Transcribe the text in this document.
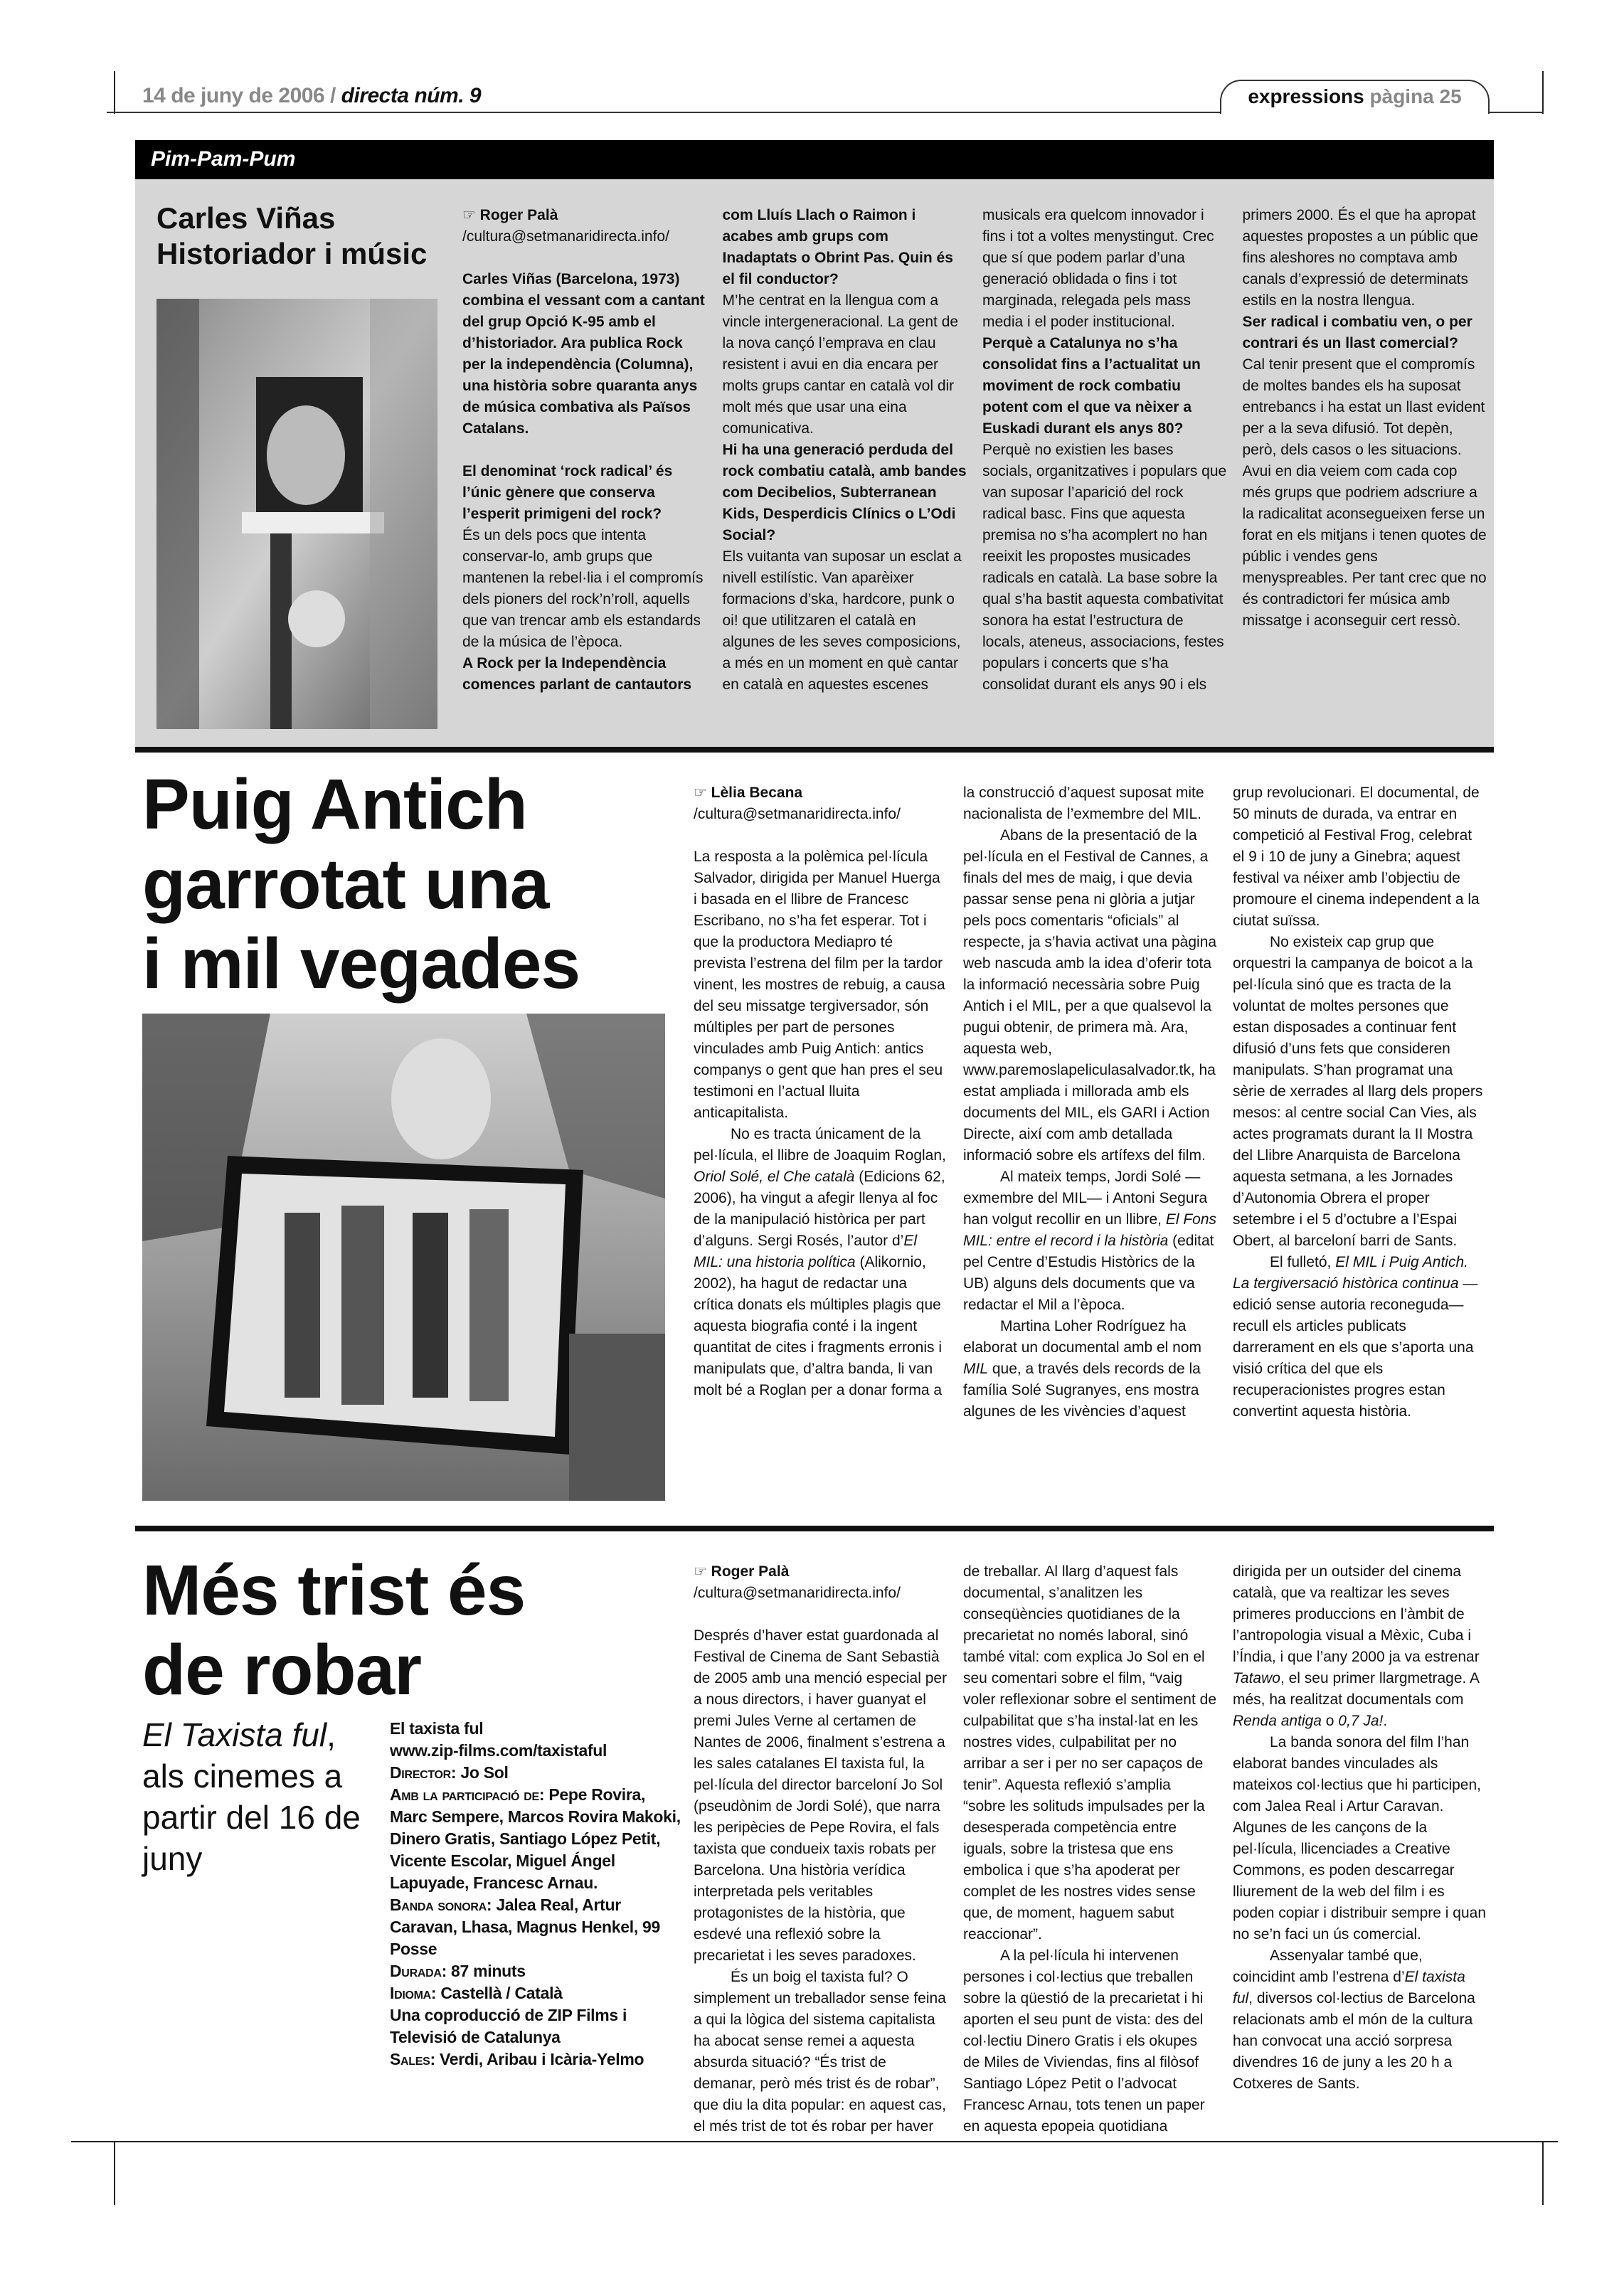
14 de juny de 2006 / directa núm. 9	expressions pàgina 25
Pim-Pam-Pum
Carles Viñas
Historiador i músic

☞ Roger Palà

/cultura@setmanaridirecta.info/

Carles Viñas (Barcelona, 1973) combina el vessant com a cantant del grup Opció K-95 amb el d’historiador. Ara publica Rock per la independència (Columna), una història sobre quaranta anys de música combativa als Països Catalans.

El denominat ‘rock radical’ és l’únic gènere que conserva l’esperit primigeni del rock?

És un dels pocs que intenta conservar-lo, amb grups que mantenen la rebel·lia i el compromís dels pioners del rock’n’roll, aquells que van trencar amb els estandards de la música de l’època.

A Rock per la Independència comences parlant de cantautors com Lluís Llach o Raimon i acabes amb grups com Inadaptats o Obrint Pas. Quin és el fil conductor?

M’he centrat en la llengua com a vincle intergeneracional. La gent de la nova cançó l’emprava en clau resistent i avui en dia encara per molts grups cantar en català vol dir molt més que usar una eina comunicativa.

Hi ha una generació perduda del rock combatiu català, amb bandes com Decibelios, Subterranean Kids, Desperdicis Clínics o L’Odi Social?

Els vuitanta van suposar un esclat a nivell estilístic. Van aparèixer formacions d’ska, hardcore, punk o oi! que utilitzaren el català en algunes de les seves composicions, a més en un moment en què cantar en català en aquestes escenes musicals era quelcom innovador i fins i tot a voltes menystingut. Crec que sí que podem parlar d’una generació oblidada o fins i tot marginada, relegada pels mass media i el poder institucional.

Perquè a Catalunya no s’ha consolidat fins a l’actualitat un moviment de rock combatiu potent com el que va nèixer a Euskadi durant els anys 80?

Perquè no existien les bases socials, organitzatives i populars que van suposar l’aparició del rock radical basc. Fins que aquesta premisa no s’ha acomplert no han reeixit les propostes musicades radicals en català. La base sobre la qual s’ha bastit aquesta combativitat sonora ha estat l’estructura de locals, ateneus, associacions, festes populars i concerts que s’ha consolidat durant els anys 90 i els primers 2000. És el que ha apropat aquestes propostes a un públic que fins aleshores no comptava amb canals d’expressió de determinats estils en la nostra llengua.

Ser radical i combatiu ven, o per contrari és un llast comercial?

Cal tenir present que el compromís de moltes bandes els ha suposat entrebancs i ha estat un llast evident per a la seva difusió. Tot depèn, però, dels casos o les situacions. Avui en dia veiem com cada cop més grups que podriem adscriure a la radicalitat aconsegueixen ferse un forat en els mitjans i tenen quotes de públic i vendes gens menyspreables. Per tant crec que no és contradictori fer música amb missatge i aconseguir cert ressò.

Puig Antich
garrotat una
i mil vegades

☞ Lèlia Becana

/cultura@setmanaridirecta.info/

La resposta a la polèmica pel·lícula Salvador, dirigida per Manuel Huerga i basada en el llibre de Francesc Escribano, no s’ha fet esperar. Tot i que la productora Mediapro té prevista l’estrena del film per la tardor vinent, les mostres de rebuig, a causa del seu missatge tergiversador, són múltiples per part de persones vinculades amb Puig Antich: antics companys o gent que han pres el seu testimoni en l’actual lluita anticapitalista.

No es tracta únicament de la pel·lícula, el llibre de Joaquim Roglan, Oriol Solé, el Che català (Edicions 62, 2006), ha vingut a afegir llenya al foc de la manipulació històrica per part d’alguns. Sergi Rosés, l’autor d’El MIL: una historia política (Alikornio, 2002), ha hagut de redactar una crítica donats els múltiples plagis que aquesta biografia conté i la ingent quantitat de cites i fragments erronis i manipulats que, d’altra banda, li van molt bé a Roglan per a donar forma a la construcció d’aquest suposat mite nacionalista de l’exmembre del MIL.

Abans de la presentació de la pel·lícula en el Festival de Cannes, a finals del mes de maig, i que devia passar sense pena ni glòria a jutjar pels pocs comentaris “oficials” al respecte, ja s’havia activat una pàgina web nascuda amb la idea d’oferir tota la informació necessària sobre Puig Antich i el MIL, per a que qualsevol la pugui obtenir, de primera mà. Ara, aquesta web, www.paremoslapeliculasalvador.tk, ha estat ampliada i millorada amb els documents del MIL, els GARI i Action Directe, així com amb detallada informació sobre els artífexs del film.

Al mateix temps, Jordi Solé —exmembre del MIL— i Antoni Segura han volgut recollir en un llibre, El Fons MIL: entre el record i la història (editat pel Centre d’Estudis Històrics de la UB) alguns dels documents que va redactar el Mil a l’època.

Martina Loher Rodríguez ha elaborat un documental amb el nom MIL que, a través dels records de la família Solé Sugranyes, ens mostra algunes de les vivències d’aquest grup revolucionari. El documental, de 50 minuts de durada, va entrar en competició al Festival Frog, celebrat el 9 i 10 de juny a Ginebra; aquest festival va néixer amb l’objectiu de promoure el cinema independent a la ciutat suïssa.

No existeix cap grup que orquestri la campanya de boicot a la pel·lícula sinó que es tracta de la voluntat de moltes persones que estan disposades a continuar fent difusió d’uns fets que consideren manipulats. S’han programat una sèrie de xerrades al llarg dels propers mesos: al centre social Can Vies, als actes programats durant la II Mostra del Llibre Anarquista de Barcelona aquesta setmana, a les Jornades d’Autonomia Obrera el proper setembre i el 5 d’octubre a l’Espai Obert, al barceloní barri de Sants.

El fulletó, El MIL i Puig Antich. La tergiversació històrica continua —edició sense autoria reconeguda— recull els articles publicats darrerament en els que s’aporta una visió crítica del que els recuperacionistes progres estan convertint aquesta història.

Més trist és
de robar
El Taxista ful, als cinemes a partir del 16 de juny
El taxista ful
www.zip-films.com/taxistaful
Director: Jo Sol
Amb la participació de: Pepe Rovira, Marc Sempere, Marcos Rovira Makoki, Dinero Gratis, Santiago López Petit, Vicente Escolar, Miguel Ángel Lapuyade, Francesc Arnau.
Banda sonora: Jalea Real, Artur Caravan, Lhasa, Magnus Henkel, 99 Posse
Durada: 87 minuts
Idioma: Castellà / Català
Una coproducció de ZIP Films i Televisió de Catalunya
Sales: Verdi, Aribau i Icària-Yelmo

☞ Roger Palà

/cultura@setmanaridirecta.info/

Després d’haver estat guardonada al Festival de Cinema de Sant Sebastià de 2005 amb una menció especial per a nous directors, i haver guanyat el premi Jules Verne al certamen de Nantes de 2006, finalment s’estrena a les sales catalanes El taxista ful, la pel·lícula del director barceloní Jo Sol (pseudònim de Jordi Solé), que narra les peripècies de Pepe Rovira, el fals taxista que condueix taxis robats per Barcelona. Una història verídica interpretada pels veritables protagonistes de la història, que esdevé una reflexió sobre la precarietat i les seves paradoxes.

És un boig el taxista ful? O simplement un treballador sense feina a qui la lògica del sistema capitalista ha abocat sense remei a aquesta absurda situació? “És trist de demanar, però més trist és de robar”, que diu la dita popular: en aquest cas, el més trist de tot és robar per haver de treballar. Al llarg d’aquest fals documental, s’analitzen les conseqüències quotidianes de la precarietat no només laboral, sinó també vital: com explica Jo Sol en el seu comentari sobre el film, “vaig voler reflexionar sobre el sentiment de culpabilitat que s’ha instal·lat en les nostres vides, culpabilitat per no arribar a ser i per no ser capaços de tenir”. Aquesta reflexió s’amplia “sobre les solituds impulsades per la desesperada competència entre iguals, sobre la tristesa que ens embolica i que s’ha apoderat per complet de les nostres vides sense que, de moment, haguem sabut reaccionar”.

A la pel·lícula hi intervenen persones i col·lectius que treballen sobre la qüestió de la precarietat i hi aporten el seu punt de vista: des del col·lectiu Dinero Gratis i els okupes de Miles de Viviendas, fins al filòsof Santiago López Petit o l’advocat Francesc Arnau, tots tenen un paper en aquesta epopeia quotidiana dirigida per un outsider del cinema català, que va realtizar les seves primeres produccions en l’àmbit de l’antropologia visual a Mèxic, Cuba i l’Índia, i que l’any 2000 ja va estrenar Tatawo, el seu primer llargmetrage. A més, ha realitzat documentals com Renda antiga o 0,7 Ja!.

La banda sonora del film l’han elaborat bandes vinculades als mateixos col·lectius que hi participen, com Jalea Real i Artur Caravan. Algunes de les cançons de la pel·lícula, llicenciades a Creative Commons, es poden descarregar lliurement de la web del film i es poden copiar i distribuir sempre i quan no se’n faci un ús comercial.

Assenyalar també que, coincidint amb l’estrena d’El taxista ful, diversos col·lectius de Barcelona relacionats amb el món de la cultura han convocat una acció sorpresa divendres 16 de juny a les 20 h a Cotxeres de Sants.
